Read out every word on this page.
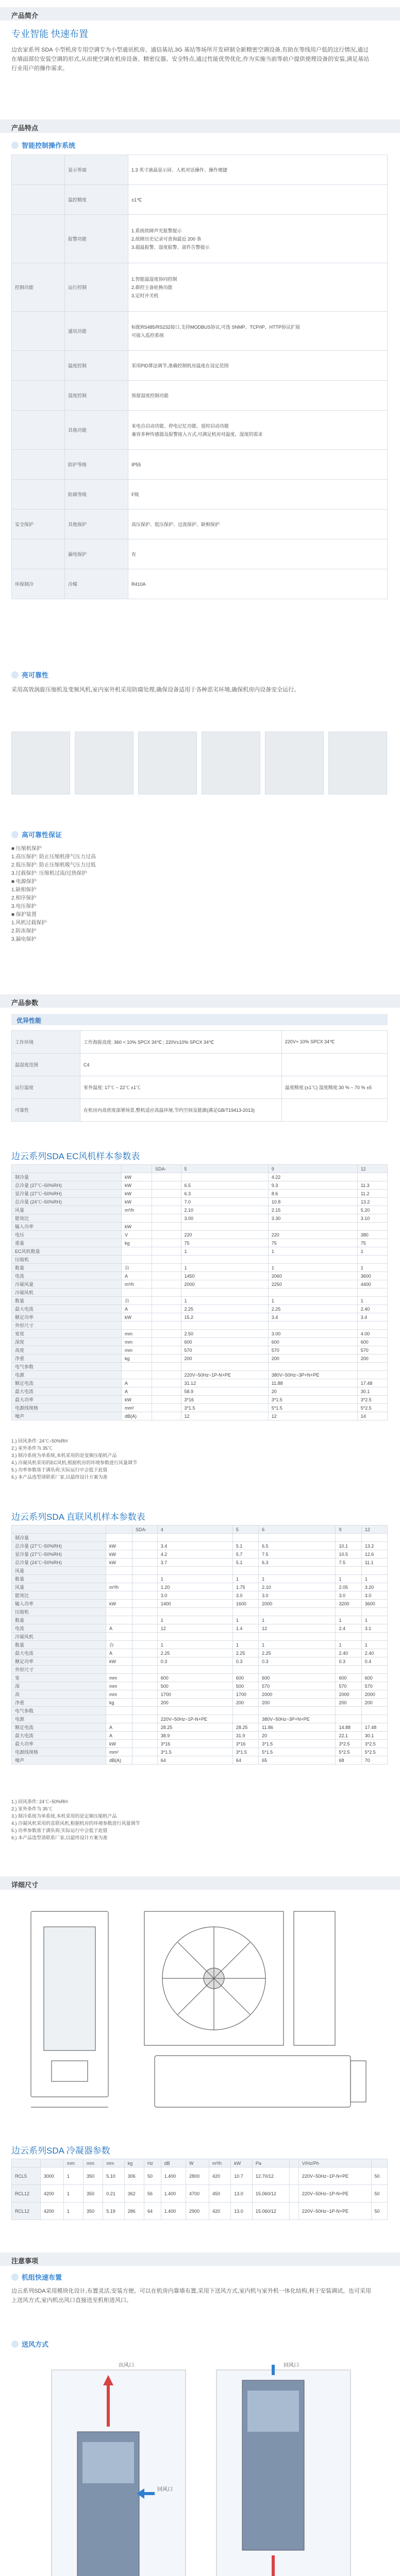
产品简介
专业智能 快速布置
边农家系列 SDA 小型机房专用空调专为小型通讯机房、通信基站,3G 基站等场所开发研制全新精密空调设备,有助在等线用户低的这行情况,通过在墙面部位安装空调的形式,从而使空调在机房设备、精密仪器、安全特点,通过性能优势优化,作为实施当前等前户提供使理设备的安装,满足基站行业用户的操作需求。
产品特点
智能控制操作系统
	显示界面	1.3 英寸液晶显示屏、人机对话操作、操作便捷
	温控精度	±1℃
	报警功能	1.系统故障声光报警提示
2.故障历史记录可查询最近 200 条
3.超温报警、湿度报警、部件告警提示
控制功能	运行控制	1.智能温湿度协同控制
2.群控主备轮换功能
3.定时开关机
	通讯功能	标配RS485/RS232接口,支持MODBUS协议,可选 SNMP、TCP/IP、HTTP协议扩展
可接入监控系统
	温度控制	采用PID算法调节,准确控制机房温度在设定范围
	湿度控制	预留湿度控制功能
	其他功能	来电自启动功能、停电记忆功能、延时启动功能
兼容多种传感器及报警接入方式,可满足机房对温度、湿度的需求
	防护等级	IP55
	防腐等级	F级
安全保护	其他保护	高压保护、低压保护、过流保护、缺相保护
	漏电保护	有
环保制冷	冷媒	R410A
亮可靠性
采用高效涡旋压缩机及变频风机,室内室外机采用防腐处理,确保设备适用于各种恶劣环境,确保机房内设备安全运行。
高可靠性保证
■ 压缩机保护
1.高压保护: 防止压缩机排气压力过高
2.低压保护: 防止压缩机吸气压力过低
3.过载保护: 压缩机过流/过热保护
■ 电源保护
1.缺相保护
2.相序保护
3.电压保护
■ 保护装置
1.风机过载保护
2.防冻保护
3.漏电保护
产品参数
优异性能
工作环境	工作海拔高度: 360 < 10% SPCX 34℃ ; 220V±10% SPCX 34℃	220V+ 10% SPCX 34℃
温湿度范围	C4	
运行温度	室外温度: 17℃ ~ 22℃ ±1℃	温度精度:(±1℃) 湿度精度:30 % ~ 70 % ±5
可靠性	在机房内高密度部署场景,整机适应高温环境,节约空间及能源(满足GB/T19413-2013)	
边云系列SDA EC风机样本参数表
		SDA-	5	9	12
制冷量	kW			4.22	
总冷量 (27℃~50%RH)	kW		6.5	9.3	11.3
显冷量 (27℃~50%RH)	kW		6.3	8.6	11.2
总冷量 (24℃~50%RH)	kW		7.0	10.8	13.2
风量	m³/h		2.10	2.15	5.20
能效比			3.00	3.30	3.10
输入功率	kW				
电压	V		220	220	380
重量	kg		75	75	75
EC风机数量			1	1	1
压缩机					
数量	台		1	1	1
电流	A		1450	2060	3600
冷凝风量	m³/h		2000	2250	4400
冷凝风机					
数量	台		1	1	1
最大电流	A		2.25	2.25	2.40
额定功率	kW		15.2	3.4	3.4
外形尺寸					
宽度	mm		2.50	3.00	4.00
深度	mm		600	600	600
高度	mm		570	570	570
净重	kg		200	200	200
电气参数					
电源			220V~50Hz~1P-N+PE	380V~50Hz~3P+N+PE	
额定电流	A		31.12	11.88	17.48
最大电流	A		58.9	20	30.1
最大功率	kW		3*16	3*1.5	3*2.5
电源线规格	mm²		3*1.5	5*1.5	5*2.5
噪声	dB(A)		12	12	14
1.) 回风条件: 24℃~50%RH
2.) 室外条件为 35℃
3.) 制冷系统为单系统,本机采用的是变频压缩机产品
4.) 冷凝风机采用的EC风机,根据机房的环境参数进行风量调节
5.) 功率参数基于满负荷,实际运行中会低于此值
6.) 本产品选型请联系厂家,以最终设计方案为准
边云系列SDA 直联风机样本参数表
		SDA-	4	5	6	9	12
制冷量							
总冷量 (27℃~50%RH)	kW		3.4	5.1	6.5	10.1	13.2
显冷量 (27℃~50%RH)	kW		4.2	5.7	7.5	10.5	12.6
总冷量 (24℃~50%RH)	kW		3.7	5.1	6.3	7.5	11.1
风量							
数量			1	1	1	1	1
风量	m³/h		1.20	1.75	2.10	2.05	3.20
能效比			3.0	3.0	3.0	3.0	3.0
输入功率	kW		1400	1600	2000	3200	3600
压缩机							
数量			1	1	1	1	1
电流	A		12	1.4	12	2.4	3.1
冷凝风机							
数量	台		1	1	1	1	1
最大电流	A		2.25	2.25	2.25	2.40	2.40
额定功率	kW		0.3	0.3	0.3	0.3	0.4
外形尺寸							
宽	mm		600	600	600	600	600
深	mm		500	500	570	570	570
高	mm		1700	1700	2000	2000	2000
净重	kg		200	200	200	200	200
电气参数							
电源			220V~50Hz~1P-N+PE		380V~50Hz~3P+N+PE		
额定电流	A		28.25	28.25	11.86	14.88	17.48
最大电流	A		38.9	31.9	20	22.1	30.1
最大功率	kW		3*16	3*16	3*1.5	3*2.5	3*2.5
电源线规格	mm²		3*1.5	3*1.5	5*1.5	5*2.5	5*2.5
噪声	dB(A)		64	64	65	68	70
1.) 回风条件: 24℃~50%RH
2.) 室外条件为 35℃
3.) 制冷系统为单系统,本机采用的是定频压缩机产品
4.) 冷凝风机采用的直联风机,根据机房的环境参数进行风量调节
5.) 功率参数基于满负荷,实际运行中会低于此值
6.) 本产品选型请联系厂家,以最终设计方案为准
详细尺寸
边云系列SDA 冷凝器参数
		mm	mm	mm	kg	Hz	dB	W	m³/h	kW	Pa		V/Hz/Ph	
RCL5	3000	1	350	5.10	306	50	1.400	2800	420	10.7	12.70/12		220V~50Hz~1P-N+PE	50
RCL12	4200	1	350	0.21	362	56	1.400	4700	450	13.0	15.060/12		220V~50Hz~1P-N+PE	50
RCL12	4200	1	350	5.19	286	64	1.400	2900	420	13.0	15.060/12		220V~50Hz~1P-N+PE	50
注意事项
机组快速布置
边云系列SDA采用模块化设计,布置灵活,安装方便。可以在机房内靠墙布置,采用下送风方式,室内机与室外机一体化结构,利于安装调试。也可采用上送风方式,室内机出风口直接送至机柜进风口。
送风方式
出风口
回风口
回风口
